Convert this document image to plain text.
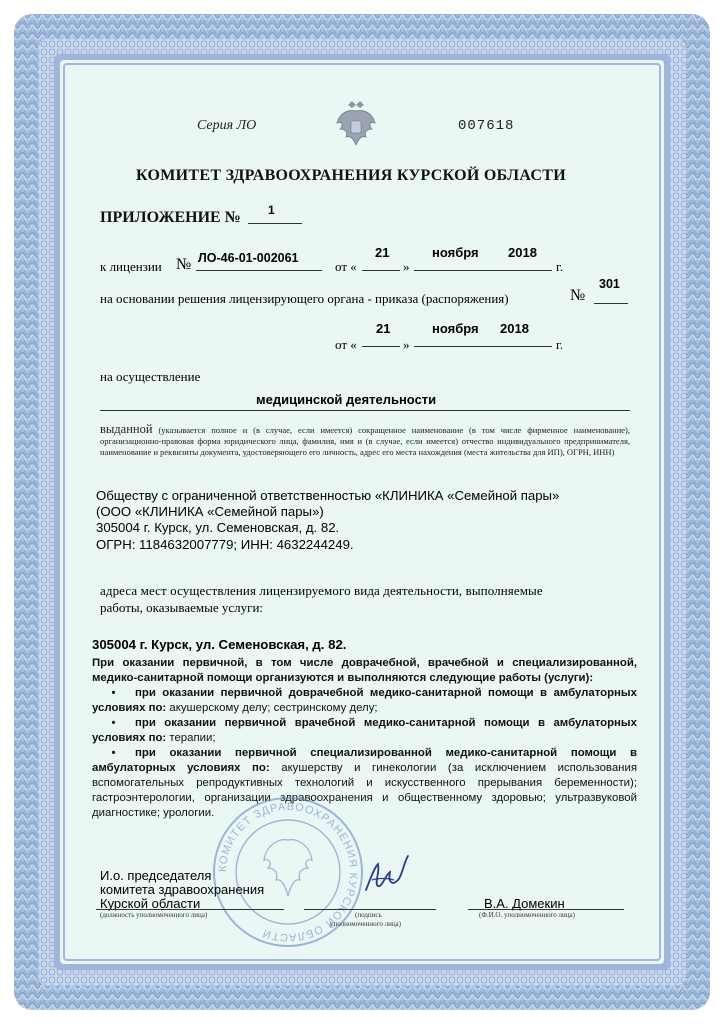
Серия ЛО	007618
КОМИТЕТ ЗДРАВООХРАНЕНИЯ КУРСКОЙ ОБЛАСТИ
ПРИЛОЖЕНИЕ № 1
к лицензии № ЛО-46-01-002061
от «
21
»
ноября 2018
г.
на основании решения лицензирующего органа - приказа (распоряжения)	№
301
от «
21
»
ноября 2018
г.
на осуществление
медицинской деятельности
выданной (указывается полное и (в случае, если имеется) сокращенное наименование (в том числе фирменное наименование), организационно-правовая форма юридического лица, фамилия, имя и (в случае, если имеется) отчество индивидуального предпринимателя, наименование и реквизиты документа, удостоверяющего его личность, адрес его места нахождения (места жительства для ИП), ОГРН, ИНН)
Обществу с ограниченной ответственностью «КЛИНИКА «Семейной пары»
(ООО «КЛИНИКА «Семейной пары»)
305004 г. Курск, ул. Семеновская, д. 82.
ОГРН: 1184632007779; ИНН: 4632244249.
адреса мест осуществления лицензируемого вида деятельности, выполняемые
работы, оказываемые услуги:
305004 г. Курск, ул. Семеновская, д. 82.

При оказании первичной, в том числе доврачебной, врачебной и специализированной, медико-санитарной помощи организуются и выполняются следующие работы (услуги):

• при оказании первичной доврачебной медико-санитарной помощи в амбулаторных условиях по: акушерскому делу; сестринскому делу;

• при оказании первичной врачебной медико-санитарной помощи в амбулаторных условиях по: терапии;

• при оказании первичной специализированной медико-санитарной помощи в амбулаторных условиях по: акушерству и гинекологии (за исключением использования вспомогательных репродуктивных технологий и искусственного прерывания беременности); гастроэнтерологии, организации здравоохранения и общественному здоровью; ультразвуковой диагностике; урологии.

КОМИТЕТ ЗДРАВООХРАНЕНИЯ КУРСКОЙ ОБЛАСТИ
И.о. председателя
комитета здравоохранения
Курской области
(должность уполномоченного лица)	(подпись
уполномоченного лица)
В.А. Домекин
(Ф.И.О. уполномоченного лица)
